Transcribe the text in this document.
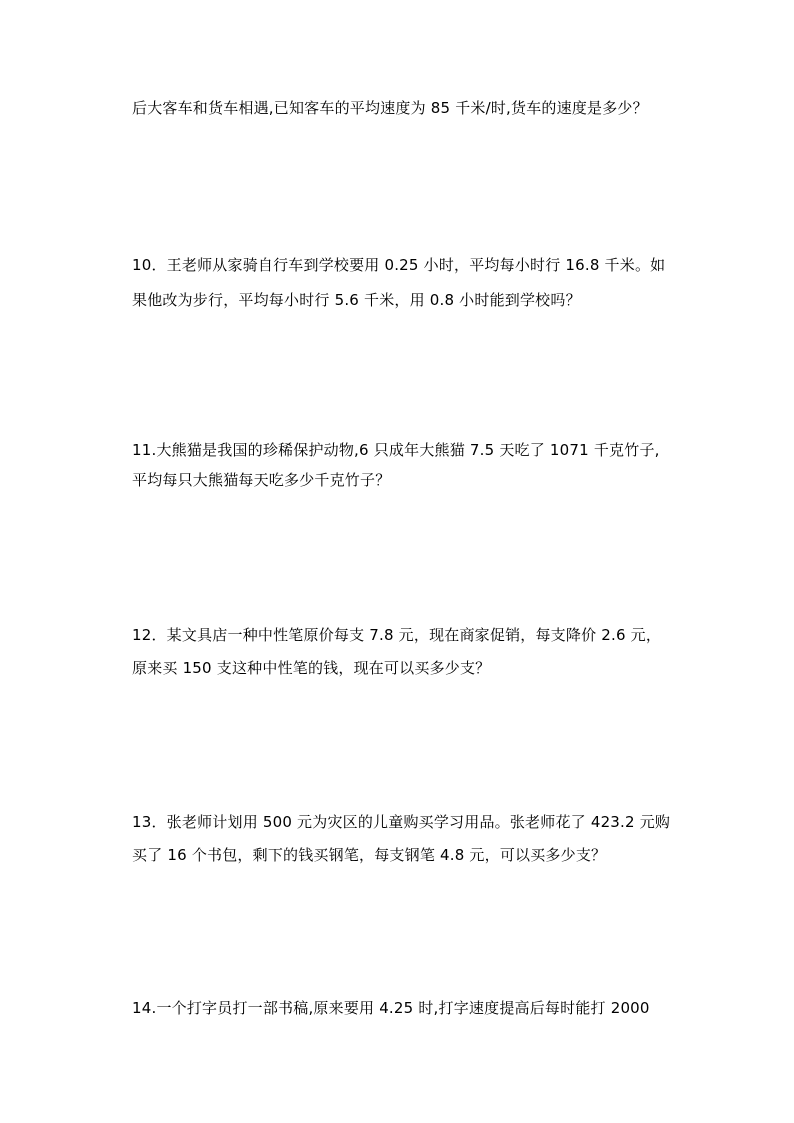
后大客车和货车相遇,已知客车的平均速度为 85 千米/时,货车的速度是多少？
10．王老师从家骑自行车到学校要用 0.25 小时，平均每小时行 16.8 千米。如
果他改为步行，平均每小时行 5.6 千米，用 0.8 小时能到学校吗？
11.大熊猫是我国的珍稀保护动物,6 只成年大熊猫 7.5 天吃了 1071 千克竹子,
平均每只大熊猫每天吃多少千克竹子？
12．某文具店一种中性笔原价每支 7.8 元，现在商家促销，每支降价 2.6 元，
原来买 150 支这种中性笔的钱，现在可以买多少支？
13．张老师计划用 500 元为灾区的儿童购买学习用品。张老师花了 423.2 元购
买了 16 个书包，剩下的钱买钢笔，每支钢笔 4.8 元，可以买多少支？
14.一个打字员打一部书稿,原来要用 4.25 时,打字速度提高后每时能打 2000
